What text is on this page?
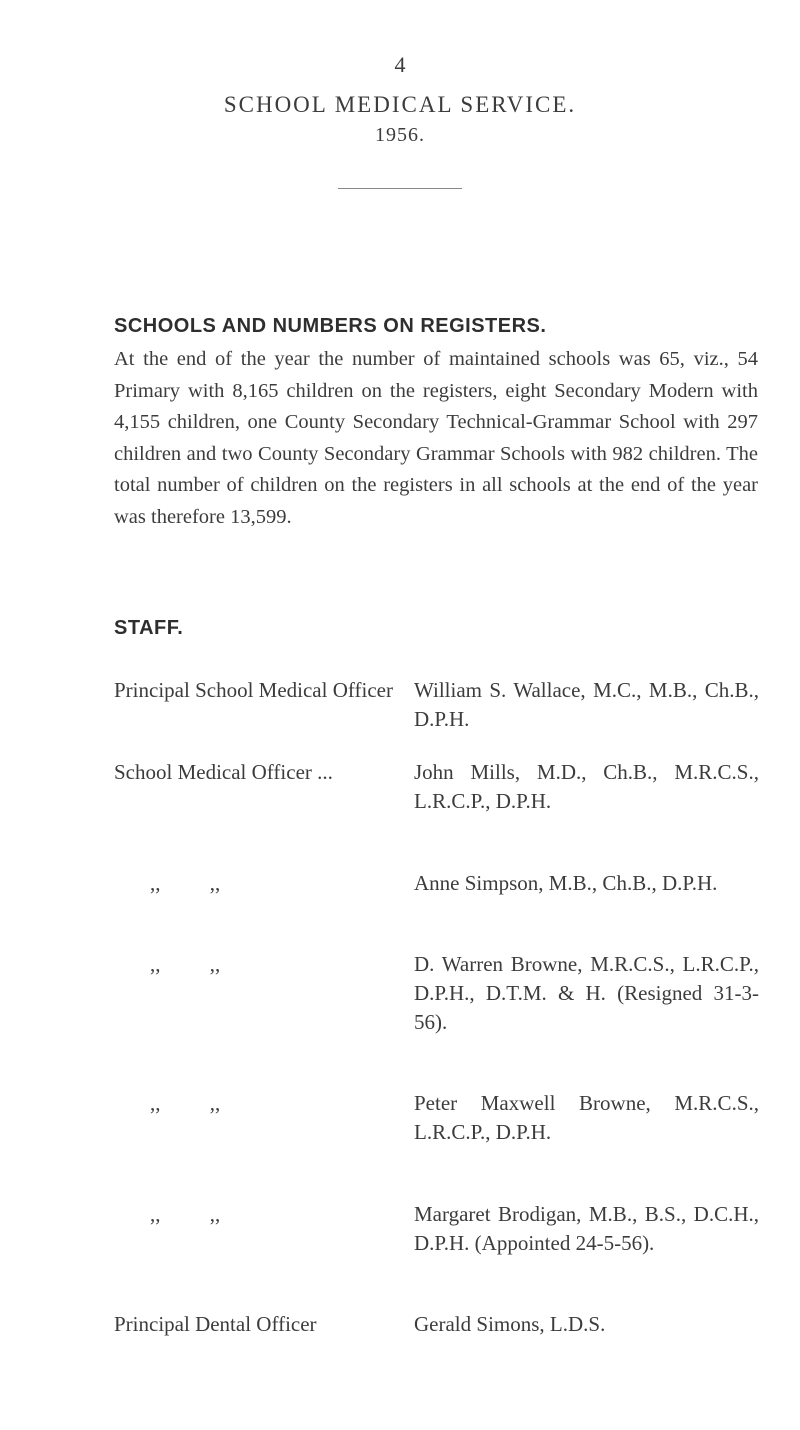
4
SCHOOL MEDICAL SERVICE.
1956.
SCHOOLS AND NUMBERS ON REGISTERS.

At the end of the year the number of maintained schools was 65, viz., 54 Primary with 8,165 children on the registers, eight Secondary Modern with 4,155 children, one County Secondary Technical-Grammar School with 297 children and two County Secondary Grammar Schools with 982 children. The total number of children on the registers in all schools at the end of the year was therefore 13,599.

STAFF.
Principal School Medical Officer	William S. Wallace, M.C., M.B., Ch.B., D.P.H.
School Medical Officer ...	John Mills, M.D., Ch.B., M.R.C.S., L.R.C.P., D.P.H.
,, ,,	Anne Simpson, M.B., Ch.B., D.P.H.
,, ,,	D. Warren Browne, M.R.C.S., L.R.C.P., D.P.H., D.T.M. & H. (Resigned 31-3-56).
,, ,,	Peter Maxwell Browne, M.R.C.S., L.R.C.P., D.P.H.
,, ,,	Margaret Brodigan, M.B., B.S., D.C.H., D.P.H. (Appointed 24-5-56).
Principal Dental Officer	Gerald Simons, L.D.S.
